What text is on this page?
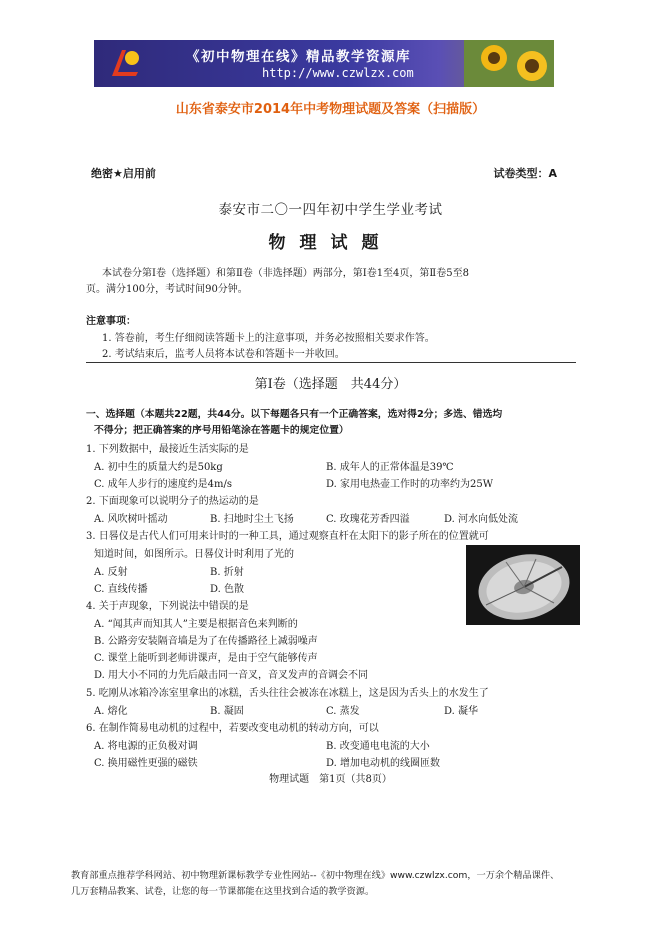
《初中物理在线》精品教学资源库
http://www.czwlzx.com
山东省泰安市2014年中考物理试题及答案（扫描版）
绝密★启用前	试卷类型：A
泰安市二〇一四年初中学生学业考试
物理试题
本试卷分第Ⅰ卷（选择题）和第Ⅱ卷（非选择题）两部分，第Ⅰ卷1至4页，第Ⅱ卷5至8
页。满分100分，考试时间90分钟。
注意事项：
1. 答卷前，考生仔细阅读答题卡上的注意事项，并务必按照相关要求作答。
2. 考试结束后，监考人员将本试卷和答题卡一并收回。
第Ⅰ卷（选择题　共44分）
一、选择题（本题共22题，共44分。以下每题各只有一个正确答案，选对得2分；多选、错选均
不得分；把正确答案的序号用铅笔涂在答题卡的规定位置）
1. 下列数据中，最接近生活实际的是
A. 初中生的质量大约是50kg	B. 成年人的正常体温是39℃
C. 成年人步行的速度约是4m/s	D. 家用电热壶工作时的功率约为25W
2. 下面现象可以说明分子的热运动的是
A. 风吹树叶摇动	B. 扫地时尘土飞扬	C. 玫瑰花芳香四溢	D. 河水向低处流
3. 日晷仪是古代人们可用来计时的一种工具，通过观察直杆在太阳下的影子所在的位置就可
知道时间，如图所示。日晷仪计时利用了光的
A. 反射	B. 折射
C. 直线传播	D. 色散
4. 关于声现象，下列说法中错误的是
A. “闻其声而知其人”主要是根据音色来判断的
B. 公路旁安装隔音墙是为了在传播路径上减弱噪声
C. 课堂上能听到老师讲课声，是由于空气能够传声
D. 用大小不同的力先后敲击同一音叉，音叉发声的音调会不同
5. 吃刚从冰箱冷冻室里拿出的冰糕，舌头往往会被冻在冰糕上，这是因为舌头上的水发生了
A. 熔化	B. 凝固	C. 蒸发	D. 凝华
6. 在制作简易电动机的过程中，若要改变电动机的转动方向，可以
A. 将电源的正负极对调	B. 改变通电电流的大小
C. 换用磁性更强的磁铁	D. 增加电动机的线圈匝数
物理试题　第1页（共8页）
教育部重点推荐学科网站、初中物理新课标教学专业性网站--《初中物理在线》www.czwlzx.com，一万余个精品课件、
几万套精品教案、试卷，让您的每一节课都能在这里找到合适的教学资源。
